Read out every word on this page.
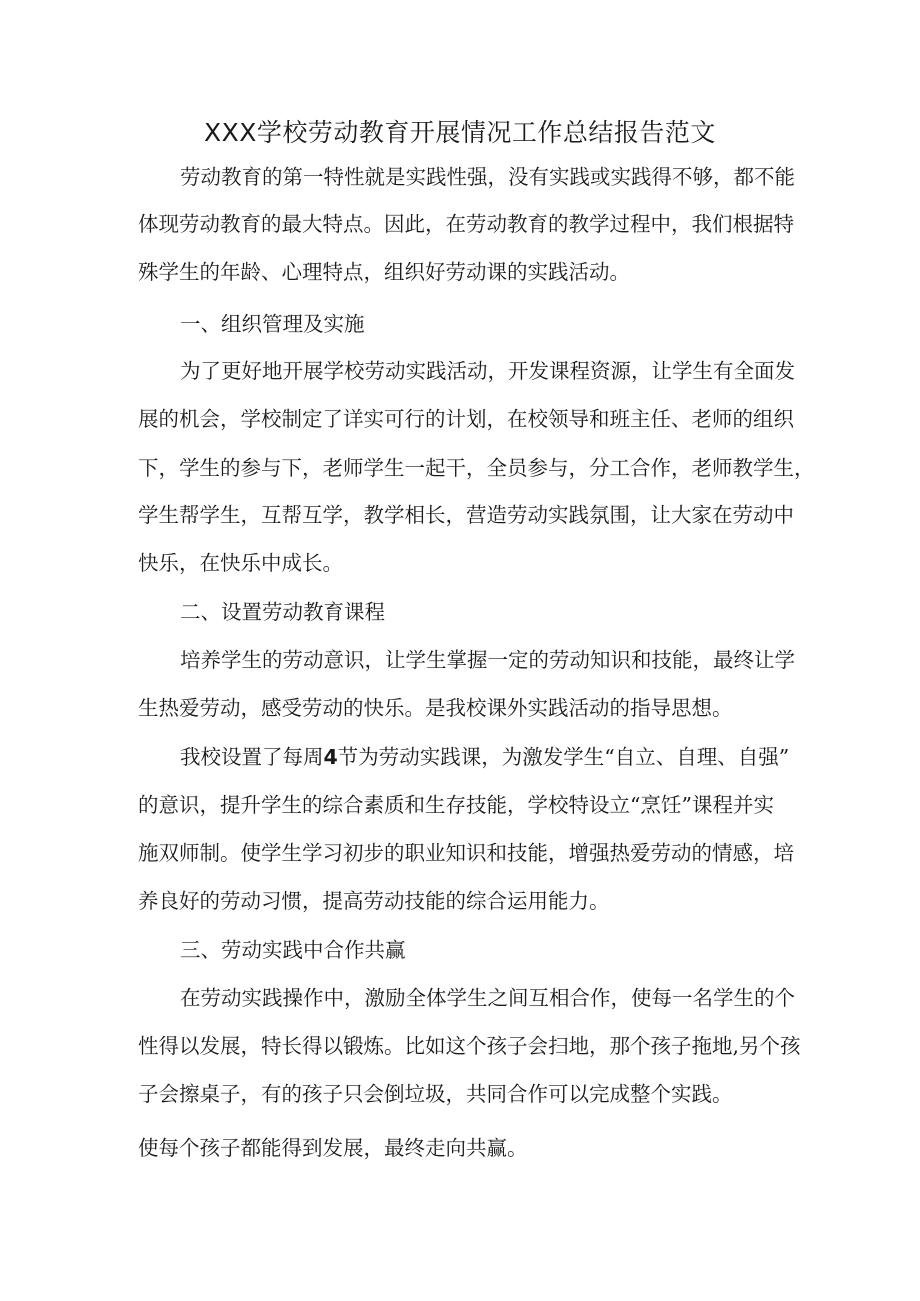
XXX学校劳动教育开展情况工作总结报告范文
劳动教育的第一特性就是实践性强，没有实践或实践得不够，都不能
体现劳动教育的最大特点。因此，在劳动教育的教学过程中，我们根据特
殊学生的年龄、心理特点，组织好劳动课的实践活动。
一、组织管理及实施
为了更好地开展学校劳动实践活动，开发课程资源，让学生有全面发
展的机会，学校制定了详实可行的计划，在校领导和班主任、老师的组织
下，学生的参与下，老师学生一起干，全员参与，分工合作，老师教学生，
学生帮学生，互帮互学，教学相长，营造劳动实践氛围，让大家在劳动中
快乐，在快乐中成长。
二、设置劳动教育课程
培养学生的劳动意识，让学生掌握一定的劳动知识和技能，最终让学
生热爱劳动，感受劳动的快乐。是我校课外实践活动的指导思想。
我校设置了每周4节为劳动实践课，为激发学生“自立、自理、自强”
的意识，提升学生的综合素质和生存技能，学校特设立“烹饪”课程并实
施双师制。使学生学习初步的职业知识和技能，增强热爱劳动的情感，培
养良好的劳动习惯，提高劳动技能的综合运用能力。
三、劳动实践中合作共赢
在劳动实践操作中，激励全体学生之间互相合作，使每一名学生的个
性得以发展，特长得以锻炼。比如这个孩子会扫地，那个孩子拖地,另个孩
子会擦桌子，有的孩子只会倒垃圾，共同合作可以完成整个实践。
使每个孩子都能得到发展，最终走向共赢。
